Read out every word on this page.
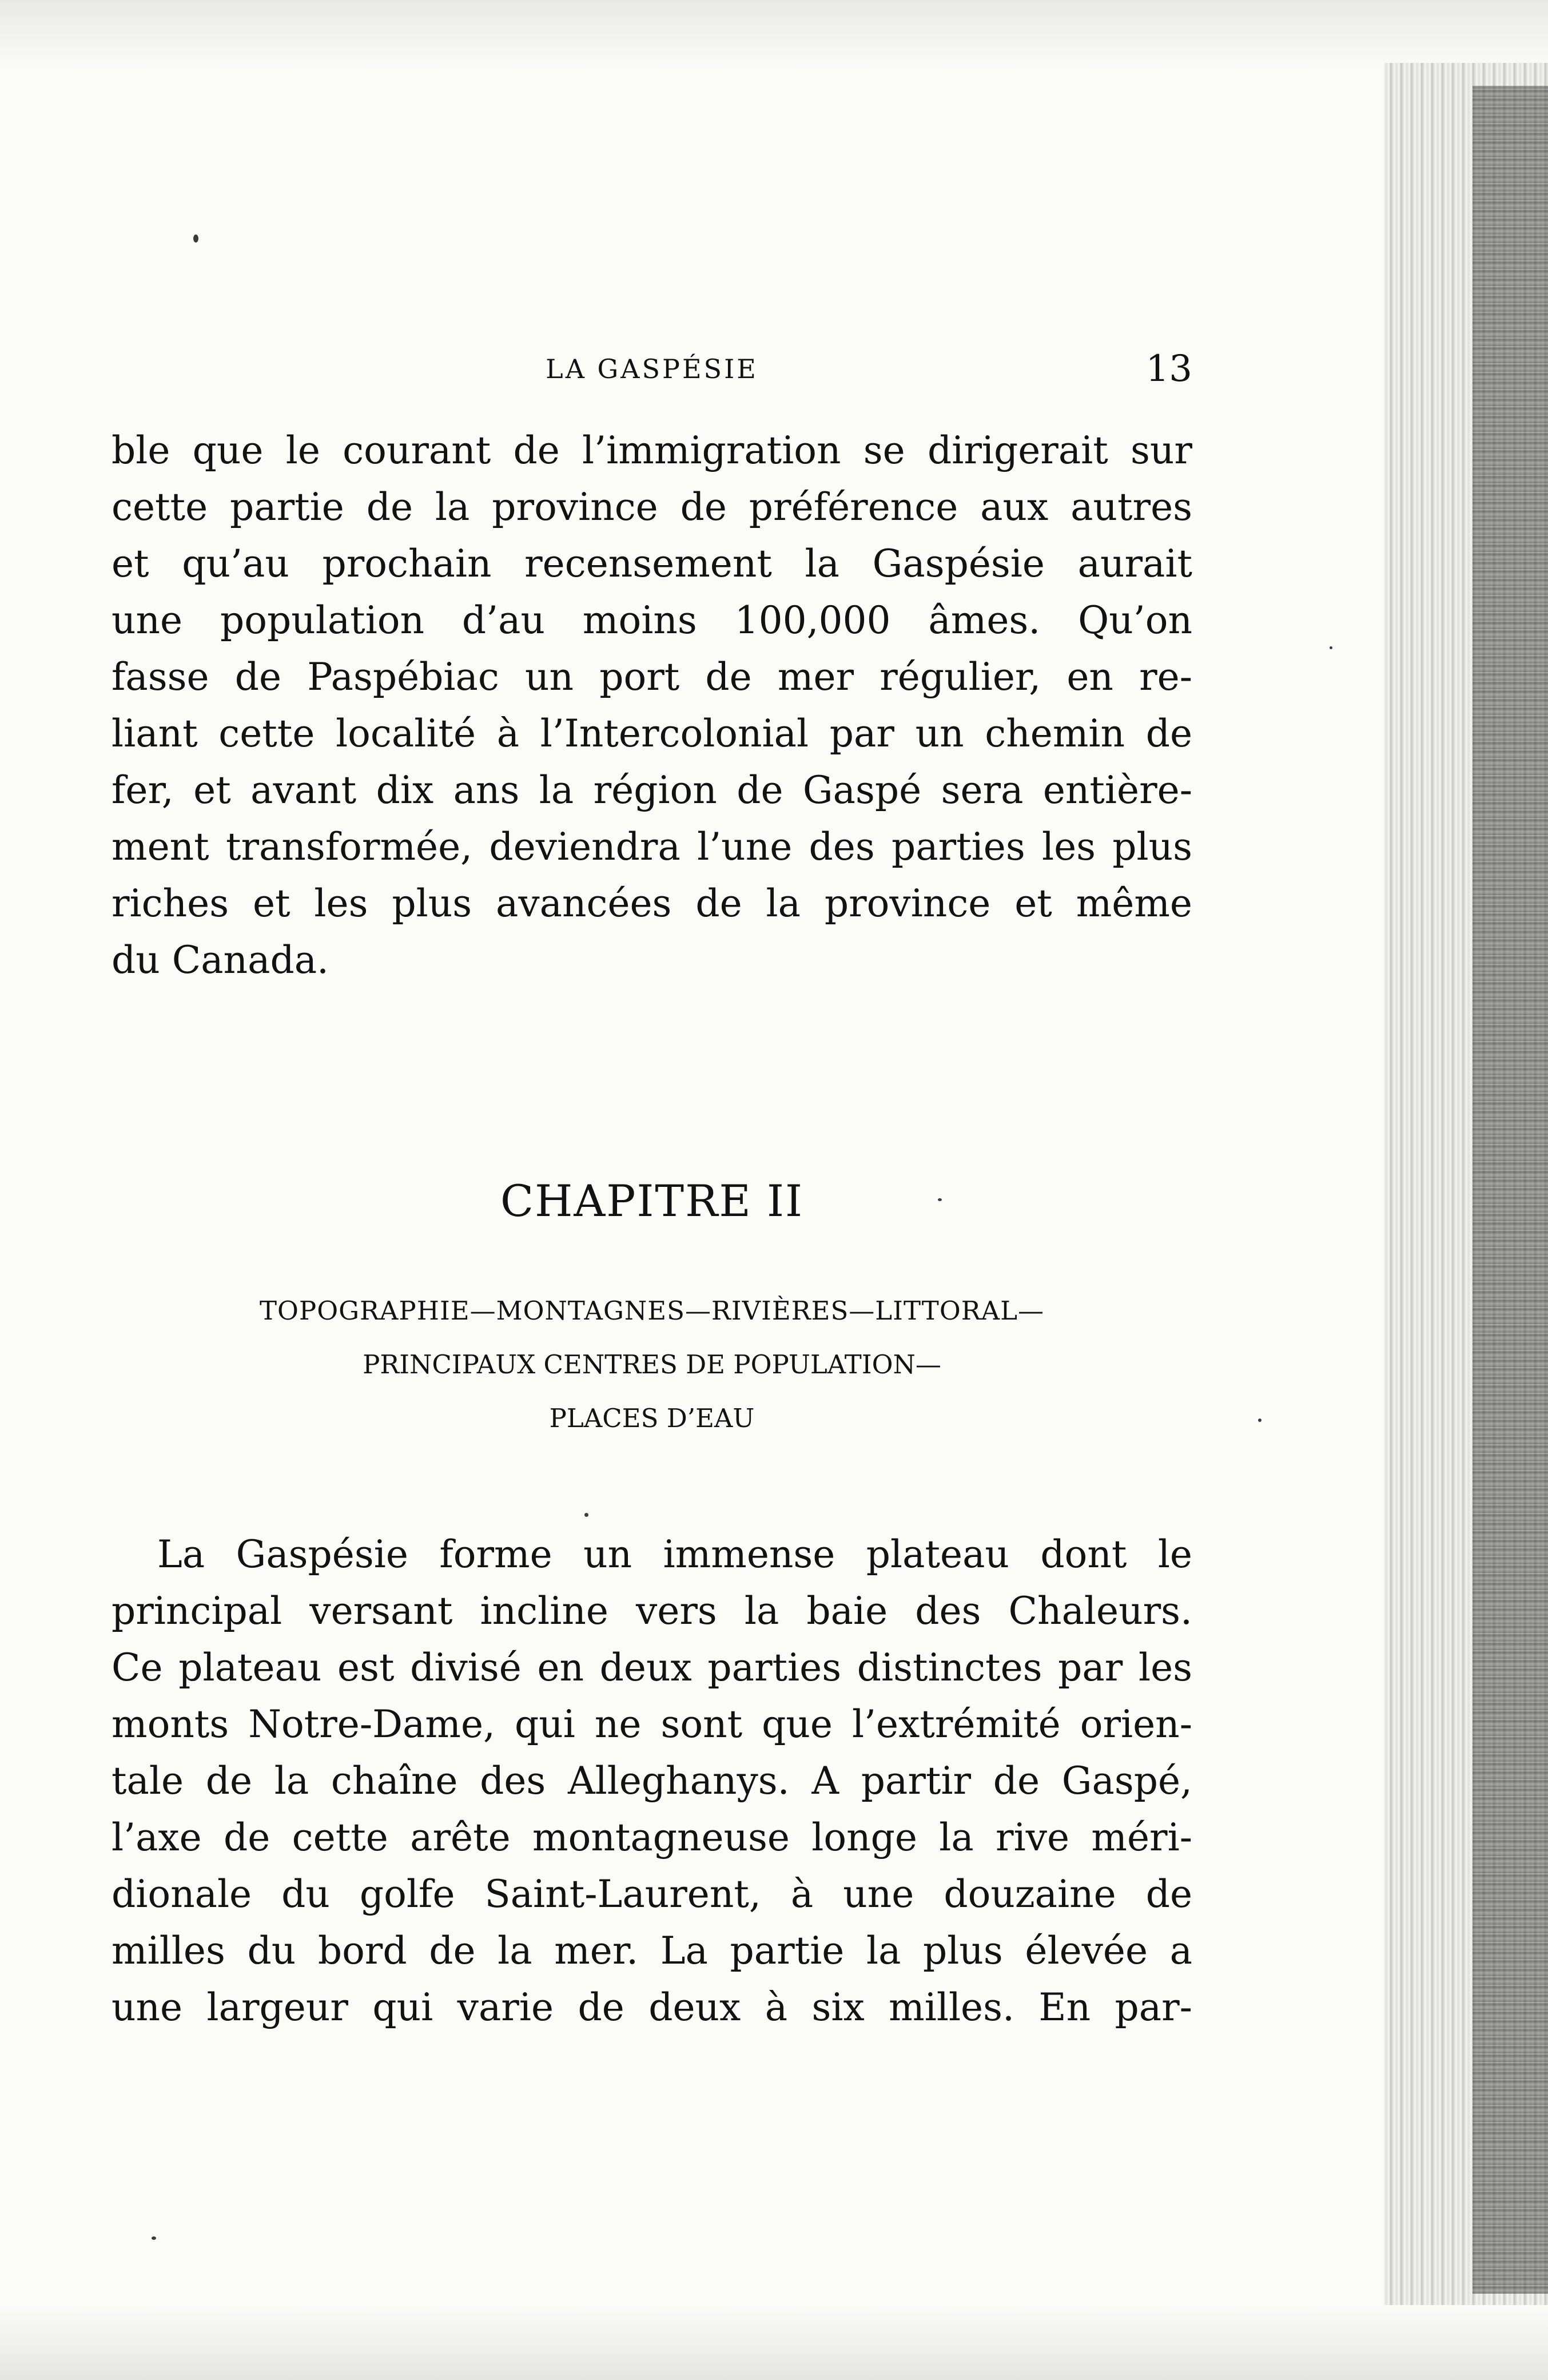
LA GASPÉSIE	13
ble que le courant de l’immigration se dirigerait sur
cette partie de la province de préférence aux autres
et qu’au prochain recensement la Gaspésie aurait
une population d’au moins 100,000 âmes. Qu’on
fasse de Paspébiac un port de mer régulier, en re-
liant cette localité à l’Intercolonial par un chemin de
fer, et avant dix ans la région de Gaspé sera entière-
ment transformée, deviendra l’une des parties les plus
riches et les plus avancées de la province et même
du Canada.
CHAPITRE II
TOPOGRAPHIE—MONTAGNES—RIVIÈRES—LITTORAL—
PRINCIPAUX CENTRES DE POPULATION—
PLACES D’EAU
La Gaspésie forme un immense plateau dont le
principal versant incline vers la baie des Chaleurs.
Ce plateau est divisé en deux parties distinctes par les
monts Notre-Dame, qui ne sont que l’extrémité orien-
tale de la chaîne des Alleghanys. A partir de Gaspé,
l’axe de cette arête montagneuse longe la rive méri-
dionale du golfe Saint-Laurent, à une douzaine de
milles du bord de la mer. La partie la plus élevée a
une largeur qui varie de deux à six milles. En par-
